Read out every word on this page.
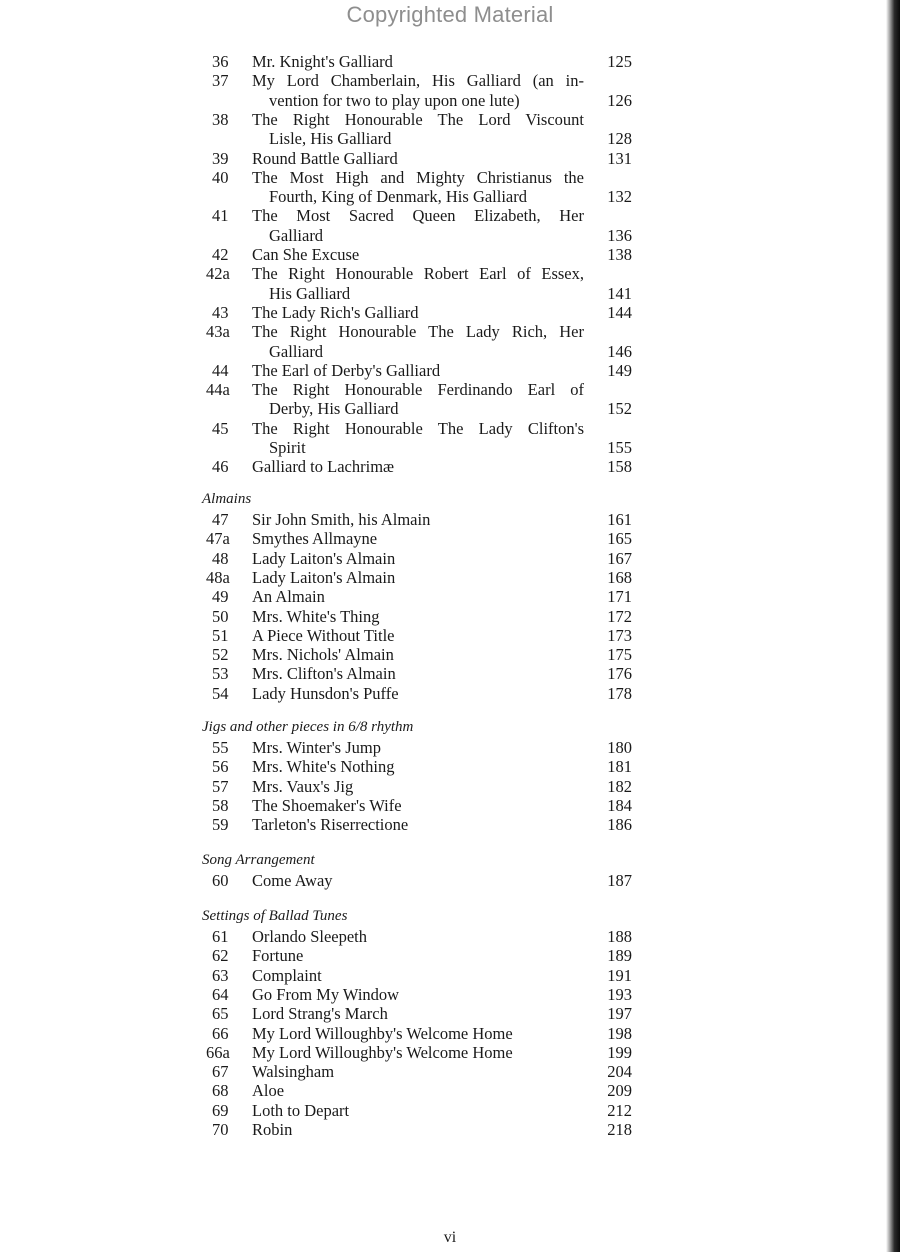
Copyrighted Material
36	Mr. Knight's Galliard	125
37	My Lord Chamberlain, His Galliard (an in-
vention for two to play upon one lute)	126
38	The Right Honourable The Lord Viscount
Lisle, His Galliard	128
39	Round Battle Galliard	131
40	The Most High and Mighty Christianus the
Fourth, King of Denmark, His Galliard	132
41	The Most Sacred Queen Elizabeth, Her
Galliard	136
42	Can She Excuse	138
42a	The Right Honourable Robert Earl of Essex,
His Galliard	141
43	The Lady Rich's Galliard	144
43a	The Right Honourable The Lady Rich, Her
Galliard	146
44	The Earl of Derby's Galliard	149
44a	The Right Honourable Ferdinando Earl of
Derby, His Galliard	152
45	The Right Honourable The Lady Clifton's
Spirit	155
46	Galliard to Lachrimæ	158
Almains
47	Sir John Smith, his Almain	161
47a	Smythes Allmayne	165
48	Lady Laiton's Almain	167
48a	Lady Laiton's Almain	168
49	An Almain	171
50	Mrs. White's Thing	172
51	A Piece Without Title	173
52	Mrs. Nichols' Almain	175
53	Mrs. Clifton's Almain	176
54	Lady Hunsdon's Puffe	178
Jigs and other pieces in 6/8 rhythm
55	Mrs. Winter's Jump	180
56	Mrs. White's Nothing	181
57	Mrs. Vaux's Jig	182
58	The Shoemaker's Wife	184
59	Tarleton's Riserrectione	186
Song Arrangement
60	Come Away	187
Settings of Ballad Tunes
61	Orlando Sleepeth	188
62	Fortune	189
63	Complaint	191
64	Go From My Window	193
65	Lord Strang's March	197
66	My Lord Willoughby's Welcome Home	198
66a	My Lord Willoughby's Welcome Home	199
67	Walsingham	204
68	Aloe	209
69	Loth to Depart	212
70	Robin	218
vi
